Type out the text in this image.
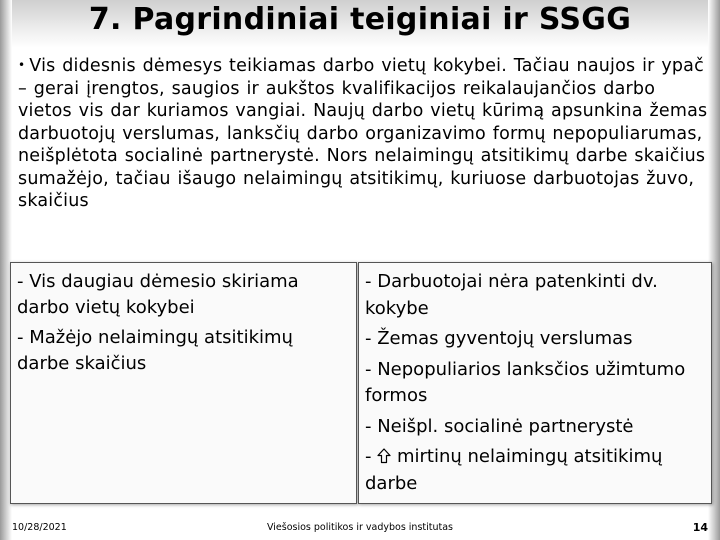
7. Pagrindiniai teiginiai ir SSGG
• Vis didesnis dėmesys teikiamas darbo vietų kokybei. Tačiau naujos ir ypač – gerai įrengtos, saugios ir aukštos kvalifikacijos reikalaujančios darbo vietos vis dar kuriamos vangiai. Naujų darbo vietų kūrimą apsunkina žemas darbuotojų verslumas, lanksčių darbo organizavimo formų nepopuliarumas, neišplėtota socialinė partnerystė. Nors nelaimingų atsitikimų darbe skaičius sumažėjo, tačiau išaugo nelaimingų atsitikimų, kuriuose darbuotojas žuvo, skaičius
- Vis daugiau dėmesio skiriama darbo vietų kokybei
- Mažėjo nelaimingų atsitikimų darbe skaičius
- Darbuotojai nėra patenkinti dv. kokybe
- Žemas gyventojų verslumas
- Nepopuliarios lanksčios užimtumo formos
- Neišpl. socialinė partnerystė
- mirtinų nelaimingų atsitikimų darbe
10/28/2021	Viešosios politikos ir vadybos institutas	14
